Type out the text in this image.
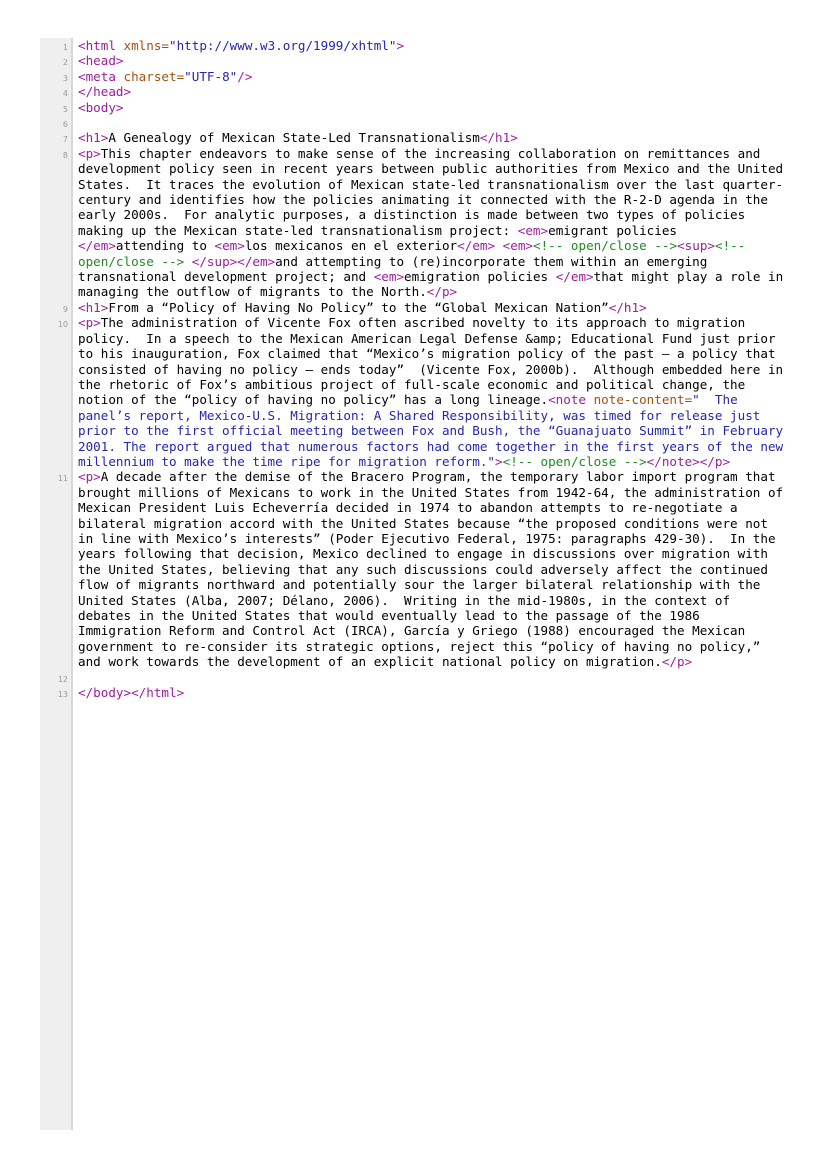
1 <html xmlns="http://www.w3.org/1999/xhtml">
2 <head>
3 <meta charset="UTF-8"/>
4 </head>
5 <body>
6
7 <h1>A Genealogy of Mexican State-Led Transnationalism</h1>
8 <p>This chapter endeavors to make sense of the increasing collaboration on remittances and development policy seen in recent years between public authorities from Mexico and the United States.  It traces the evolution of Mexican state-led transnationalism over the last quarter-century and identifies how the policies animating it connected with the R-2-D agenda in the early 2000s.  For analytic purposes, a distinction is made between two types of policies making up the Mexican state-led transnationalism project: <em>emigrant policies </em>attending to <em>los mexicanos en el exterior</em> <em><!-- open/close --><sup><!-- open/close --> </sup></em>and attempting to (re)incorporate them within an emerging transnational development project; and <em>emigration policies </em>that might play a role in managing the outflow of migrants to the North.</p>
9 <h1>From a “Policy of Having No Policy” to the “Global Mexican Nation”</h1>
10 <p>The administration of Vicente Fox often ascribed novelty to its approach to migration policy.  In a speech to the Mexican American Legal Defense &amp; Educational Fund just prior to his inauguration, Fox claimed that “Mexico’s migration policy of the past – a policy that consisted of having no policy – ends today”  (Vicente Fox, 2000b).  Although embedded here in the rhetoric of Fox’s ambitious project of full-scale economic and political change, the notion of the “policy of having no policy” has a long lineage.<note note-content="  The panel’s report, Mexico-U.S. Migration: A Shared Responsibility, was timed for release just prior to the first official meeting between Fox and Bush, the “Guanajuato Summit” in February 2001. The report argued that numerous factors had come together in the first years of the new millennium to make the time ripe for migration reform."><!-- open/close --></note></p>
11 <p>A decade after the demise of the Bracero Program, the temporary labor import program that brought millions of Mexicans to work in the United States from 1942-64, the administration of Mexican President Luis Echeverría decided in 1974 to abandon attempts to re-negotiate a bilateral migration accord with the United States because “the proposed conditions were not in line with Mexico’s interests” (Poder Ejecutivo Federal, 1975: paragraphs 429-30).  In the years following that decision, Mexico declined to engage in discussions over migration with the United States, believing that any such discussions could adversely affect the continued flow of migrants northward and potentially sour the larger bilateral relationship with the United States (Alba, 2007; Délano, 2006).  Writing in the mid-1980s, in the context of debates in the United States that would eventually lead to the passage of the 1986 Immigration Reform and Control Act (IRCA), García y Griego (1988) encouraged the Mexican government to re-consider its strategic options, reject this “policy of having no policy,” and work towards the development of an explicit national policy on migration.</p>
12
13 </body></html>
